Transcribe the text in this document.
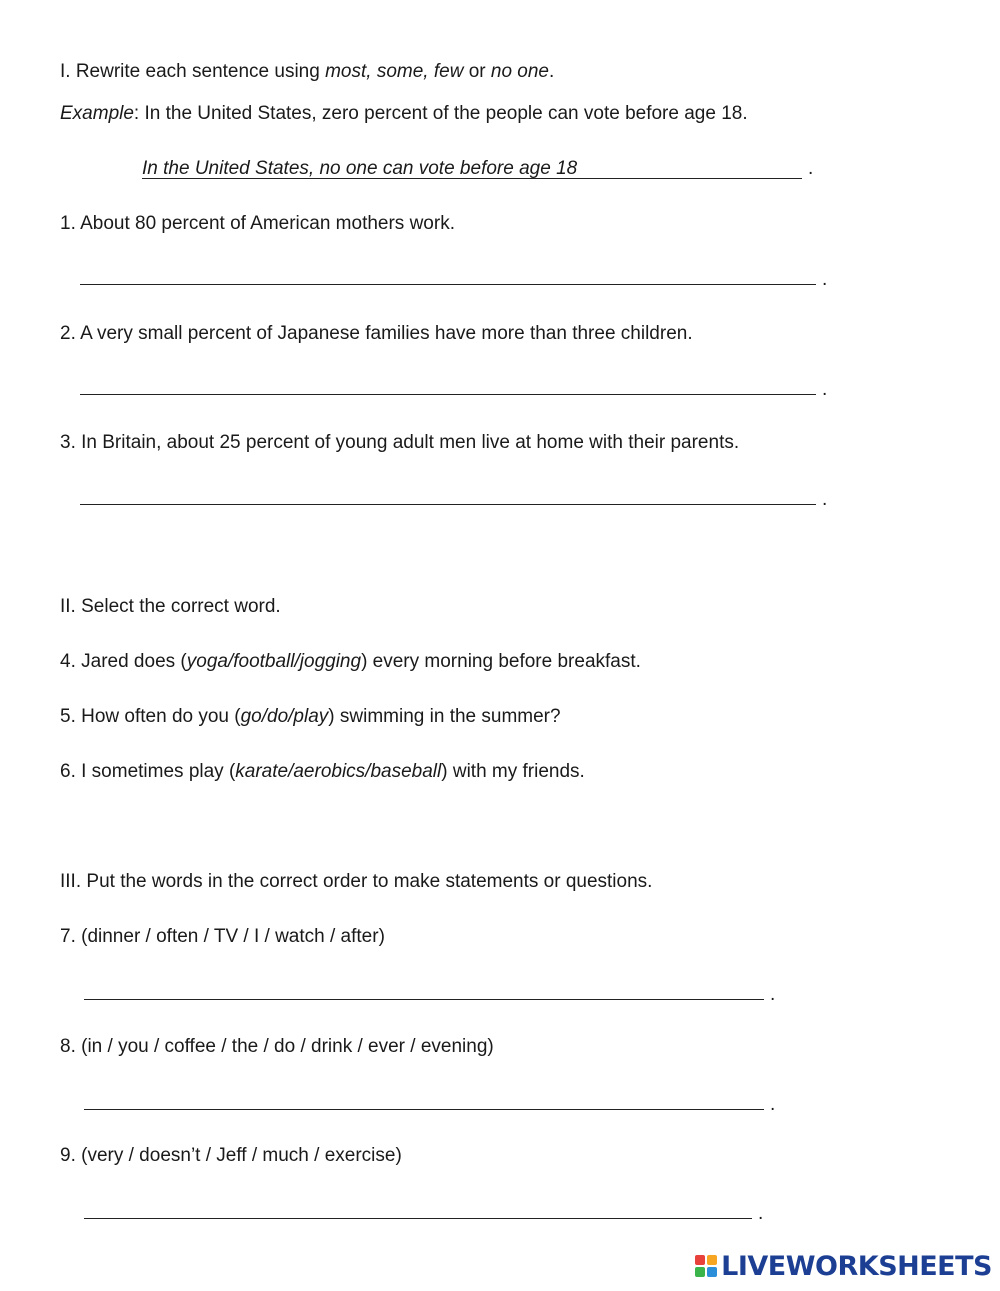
I. Rewrite each sentence using most, some, few or no one.
Example: In the United States, zero percent of the people can vote before age 18.
In the United States, no one can vote before age 18	.
1. About 80 percent of American mothers work.
.
2. A very small percent of Japanese families have more than three children.
.
3. In Britain, about 25 percent of young adult men live at home with their parents.
.
II. Select the correct word.
4. Jared does (yoga/football/jogging) every morning before breakfast.
5. How often do you (go/do/play) swimming in the summer?
6. I sometimes play (karate/aerobics/baseball) with my friends.
III. Put the words in the correct order to make statements or questions.
7. (dinner / often / TV / I / watch / after)
.
8. (in / you / coffee / the / do / drink / ever / evening)
.
9. (very / doesn’t / Jeff / much / exercise)
.
LIVEWORKSHEETS
